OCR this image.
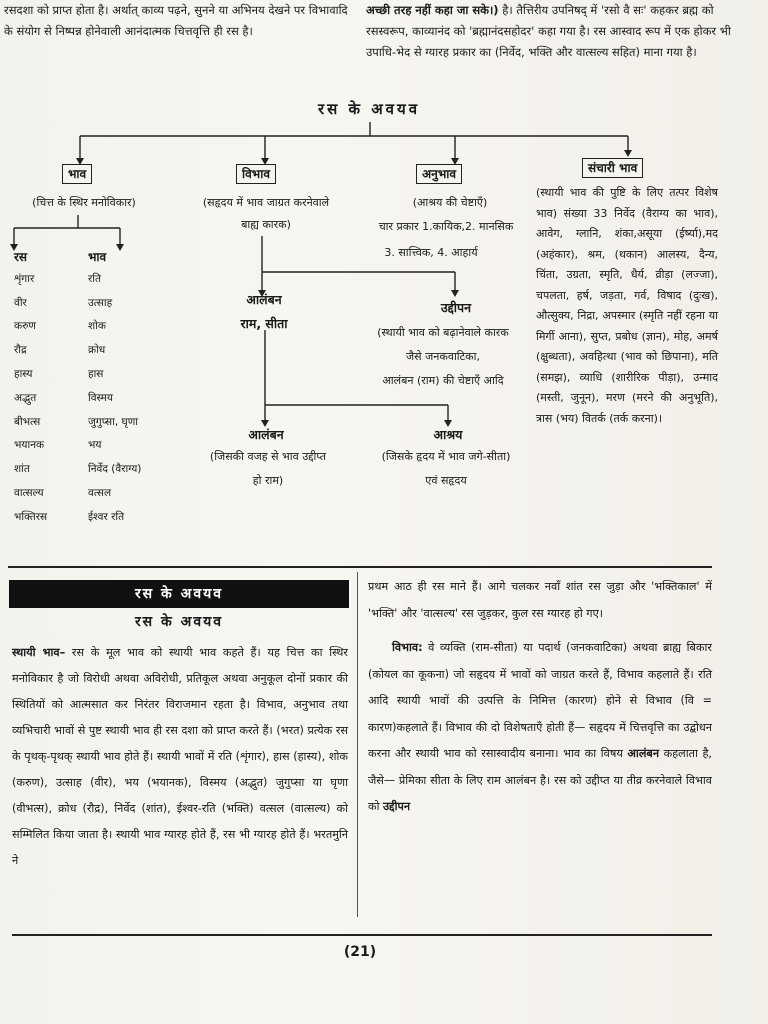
रसदशा को प्राप्त होता है। अर्थात् काव्य पढ़ने, सुनने या अभिनय देखने पर विभावादि के संयोग से निष्पन्न होनेवाली आनंदात्मक चित्तवृत्ति ही रस है।
अच्छी तरह नहीं कहा जा सके।) है। तैत्तिरीय उपनिषद् में 'रसो वै सः' कहकर ब्रह्म को रसस्वरूप, काव्यानंद को 'ब्रह्मानंदसहोदर' कहा गया है। रस आस्वाद रूप में एक होकर भी उपाधि-भेद से ग्यारह प्रकार का (निर्वेद, भक्ति और वात्सल्य सहित) माना गया है।
रस के अवयव
भाव
(चित्त के स्थिर मनोविकार)
विभाव
(सहृदय में भाव जाग्रत करनेवाले
बाह्य कारक)
अनुभाव
(आश्रय की चेष्टाएँ)
चार प्रकार 1.कायिक,2. मानसिक
3. सात्त्विक, 4. आहार्य
संचारी भाव
(स्थायी भाव की पुष्टि के लिए तत्पर विशेष भाव) संख्या 33 निर्वेद (वैराग्य का भाव), आवेग, ग्लानि, शंका,असूया (ईर्ष्या),मद (अहंकार), श्रम, (थकान) आलस्य, दैन्य, चिंता, उग्रता, स्मृति, धैर्य, व्रीड़ा (लज्जा), चपलता, हर्ष, जड़ता, गर्व, विषाद (दुःख), औत्सुक्य, निद्रा, अपस्मार (स्मृति नहीं रहना या मिर्गी आना), सुप्त, प्रबोध (ज्ञान), मोह, अमर्ष (क्षुब्धता), अवहित्था (भाव को छिपाना), मति (समझ), व्याधि (शारीरिक पीड़ा), उन्माद (मस्ती, जुनून), मरण (मरने की अनुभूति), त्रास (भय) वितर्क (तर्क करना)।
रस	भाव
शृंगार	रति
वीर	उत्साह
करुण	शोक
रौद्र	क्रोध
हास्य	हास
अद्भुत	विस्मय
बीभत्स	जुगुप्सा, घृणा
भयानक	भय
शांत	निर्वेद (वैराग्य)
वात्सल्य	वत्सल
भक्तिरस	ईश्वर रति
आलंबन
राम, सीता
उद्दीपन
(स्थायी भाव को बढ़ानेवाले कारक
जैसे जनकवाटिका,
आलंबन (राम) की चेष्टाएँ आदि
आलंबन
(जिसकी वजह से भाव उद्दीप्त
हो राम)
आश्रय
(जिसके हृदय में भाव जगे-सीता)
एवं सहृदय
रस के अवयव
रस के अवयव
स्थायी भाव– रस के मूल भाव को स्थायी भाव कहते हैं। यह चित्त का स्थिर मनोविकार है जो विरोधी अथवा अविरोधी, प्रतिकूल अथवा अनुकूल दोनों प्रकार की स्थितियों को आत्मसात कर निरंतर विराजमान रहता है। विभाव, अनुभाव तथा व्यभिचारी भावों से पुष्ट स्थायी भाव ही रस दशा को प्राप्त करते हैं। (भरत) प्रत्येक रस के पृथक्-पृथक् स्थायी भाव होते हैं। स्थायी भावों में रति (शृंगार), हास (हास्य), शोक (करुण), उत्साह (वीर), भय (भयानक), विस्मय (अद्भुत) जुगुप्सा या घृणा (वीभत्स), क्रोध (रौद्र), निर्वेद (शांत), ईश्वर-रति (भक्ति) वत्सल (वात्सल्य) को सम्मिलित किया जाता है। स्थायी भाव ग्यारह होते हैं, रस भी ग्यारह होते हैं। भरतमुनि ने
प्रथम आठ ही रस माने हैं। आगे चलकर नवाँ शांत रस जुड़ा और 'भक्तिकाल' में 'भक्ति' और 'वात्सल्य' रस जुड़कर, कुल रस ग्यारह हो गए।
विभाव: वे व्यक्ति (राम-सीता) या पदार्थ (जनकवाटिका) अथवा ब्राह्य बिकार (कोयल का कूकना) जो सहृदय में भावों को जाग्रत करते हैं, विभाव कहलाते हैं। रति आदि स्थायी भावों की उत्पत्ति के निमित्त (कारण) होने से विभाव (वि = कारण)कहलाते हैं। विभाव की दो विशेषताएँ होती हैं— सहृदय में चित्तवृत्ति का उद्बोधन करना और स्थायी भाव को रसास्वादीय बनाना। भाव का विषय आलंबन कहलाता है, जैसे— प्रेमिका सीता के लिए राम आलंबन है। रस को उद्दीप्त या तीव्र करनेवाले विभाव को उद्दीपन
(21)
